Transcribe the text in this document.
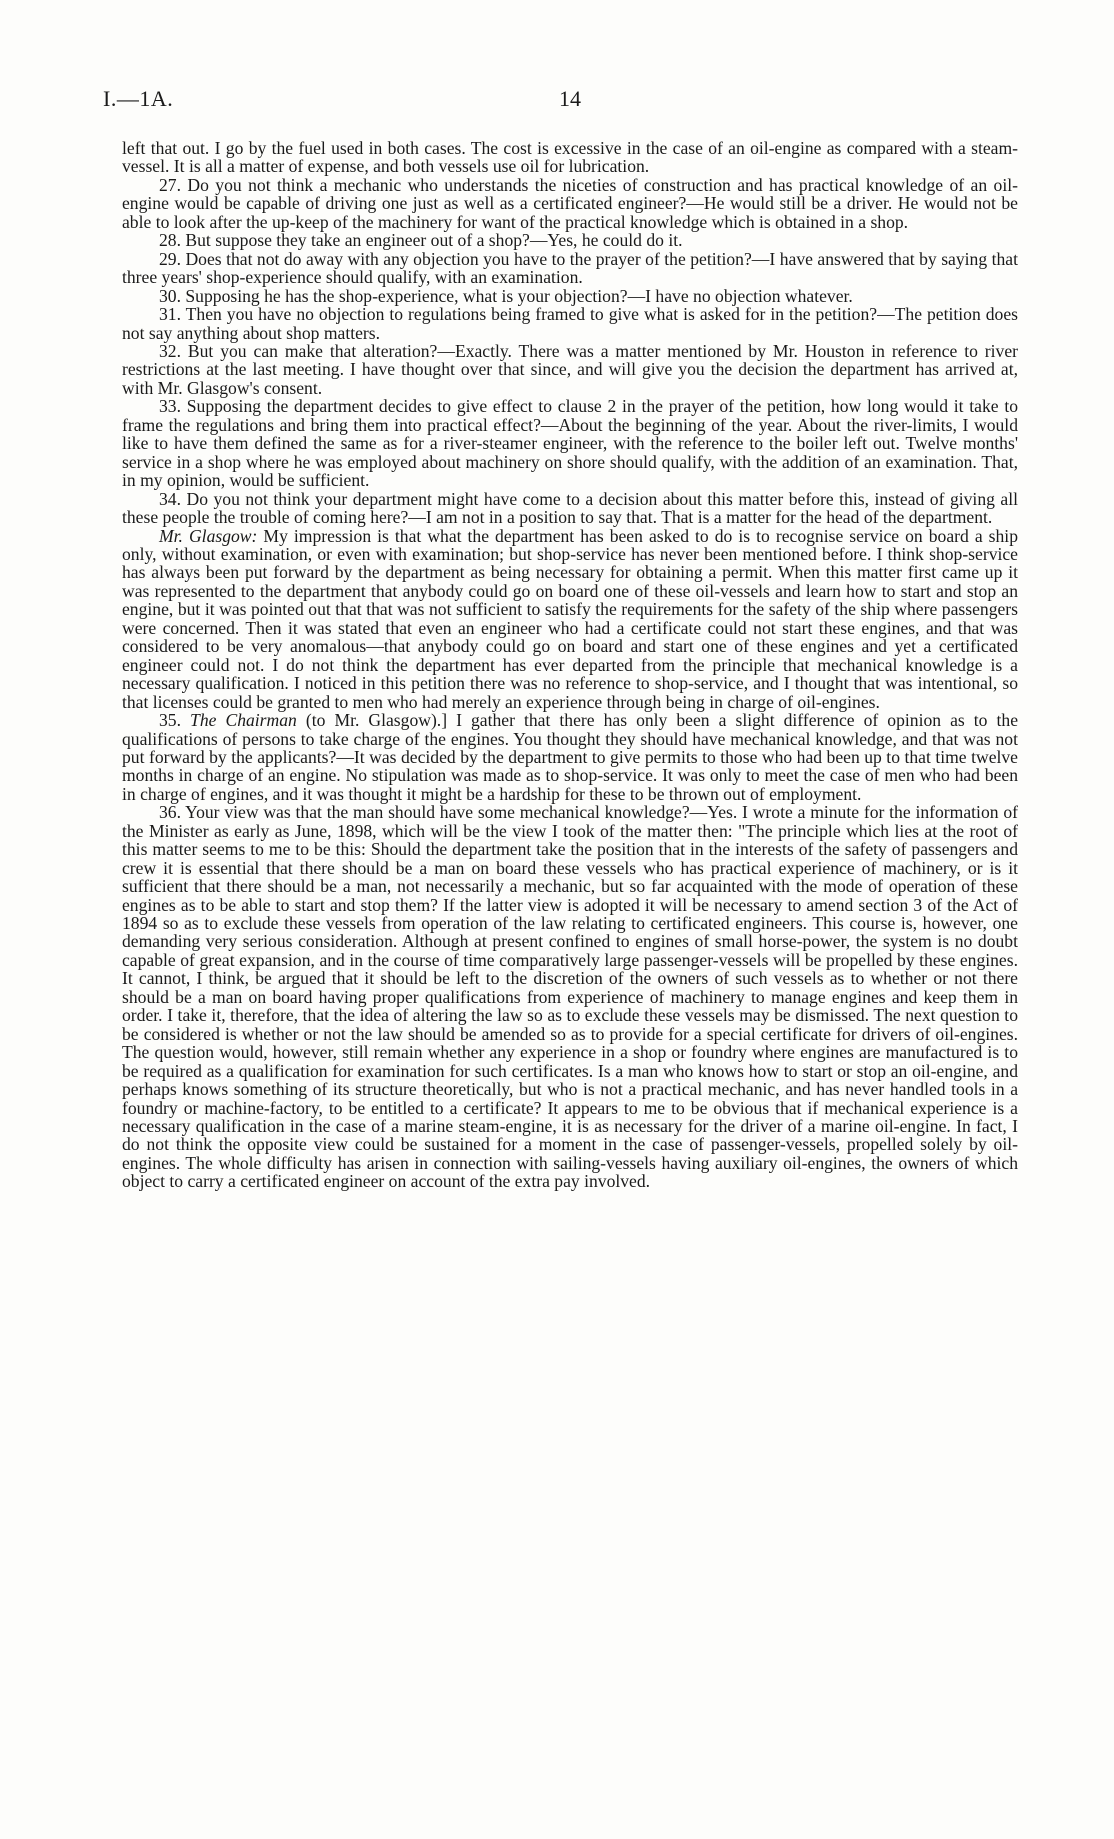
I.—1A.	14

left that out. I go by the fuel used in both cases. The cost is excessive in the case of an oil-engine as compared with a steam-vessel. It is all a matter of expense, and both vessels use oil for lubrication.

27. Do you not think a mechanic who understands the niceties of construction and has practical knowledge of an oil-engine would be capable of driving one just as well as a certificated engineer?—He would still be a driver. He would not be able to look after the up-keep of the machinery for want of the practical knowledge which is obtained in a shop.

28. But suppose they take an engineer out of a shop?—Yes, he could do it.

29. Does that not do away with any objection you have to the prayer of the petition?—I have answered that by saying that three years' shop-experience should qualify, with an examination.

30. Supposing he has the shop-experience, what is your objection?—I have no objection whatever.

31. Then you have no objection to regulations being framed to give what is asked for in the petition?—The petition does not say anything about shop matters.

32. But you can make that alteration?—Exactly. There was a matter mentioned by Mr. Houston in reference to river restrictions at the last meeting. I have thought over that since, and will give you the decision the department has arrived at, with Mr. Glasgow's consent.

33. Supposing the department decides to give effect to clause 2 in the prayer of the petition, how long would it take to frame the regulations and bring them into practical effect?—About the beginning of the year. About the river-limits, I would like to have them defined the same as for a river-steamer engineer, with the reference to the boiler left out. Twelve months' service in a shop where he was employed about machinery on shore should qualify, with the addition of an examination. That, in my opinion, would be sufficient.

34. Do you not think your department might have come to a decision about this matter before this, instead of giving all these people the trouble of coming here?—I am not in a position to say that. That is a matter for the head of the department.

Mr. Glasgow: My impression is that what the department has been asked to do is to recognise service on board a ship only, without examination, or even with examination; but shop-service has never been mentioned before. I think shop-service has always been put forward by the department as being necessary for obtaining a permit. When this matter first came up it was represented to the department that anybody could go on board one of these oil-vessels and learn how to start and stop an engine, but it was pointed out that that was not sufficient to satisfy the requirements for the safety of the ship where passengers were concerned. Then it was stated that even an engineer who had a certificate could not start these engines, and that was considered to be very anomalous—that anybody could go on board and start one of these engines and yet a certificated engineer could not. I do not think the department has ever departed from the principle that mechanical knowledge is a necessary qualification. I noticed in this petition there was no reference to shop-service, and I thought that was intentional, so that licenses could be granted to men who had merely an experience through being in charge of oil-engines.

35. The Chairman (to Mr. Glasgow).] I gather that there has only been a slight difference of opinion as to the qualifications of persons to take charge of the engines. You thought they should have mechanical knowledge, and that was not put forward by the applicants?—It was decided by the department to give permits to those who had been up to that time twelve months in charge of an engine. No stipulation was made as to shop-service. It was only to meet the case of men who had been in charge of engines, and it was thought it might be a hardship for these to be thrown out of employment.

36. Your view was that the man should have some mechanical knowledge?—Yes. I wrote a minute for the information of the Minister as early as June, 1898, which will be the view I took of the matter then: "The principle which lies at the root of this matter seems to me to be this: Should the department take the position that in the interests of the safety of passengers and crew it is essential that there should be a man on board these vessels who has practical experience of machinery, or is it sufficient that there should be a man, not necessarily a mechanic, but so far acquainted with the mode of operation of these engines as to be able to start and stop them? If the latter view is adopted it will be necessary to amend section 3 of the Act of 1894 so as to exclude these vessels from operation of the law relating to certificated engineers. This course is, however, one demanding very serious consideration. Although at present confined to engines of small horse-power, the system is no doubt capable of great expansion, and in the course of time comparatively large passenger-vessels will be propelled by these engines. It cannot, I think, be argued that it should be left to the discretion of the owners of such vessels as to whether or not there should be a man on board having proper qualifications from experience of machinery to manage engines and keep them in order. I take it, therefore, that the idea of altering the law so as to exclude these vessels may be dismissed. The next question to be considered is whether or not the law should be amended so as to provide for a special certificate for drivers of oil-engines. The question would, however, still remain whether any experience in a shop or foundry where engines are manufactured is to be required as a qualification for examination for such certificates. Is a man who knows how to start or stop an oil-engine, and perhaps knows something of its structure theoretically, but who is not a practical mechanic, and has never handled tools in a foundry or machine-factory, to be entitled to a certificate? It appears to me to be obvious that if mechanical experience is a necessary qualification in the case of a marine steam-engine, it is as necessary for the driver of a marine oil-engine. In fact, I do not think the opposite view could be sustained for a moment in the case of passenger-vessels, propelled solely by oil-engines. The whole difficulty has arisen in connection with sailing-vessels having auxiliary oil-engines, the owners of which object to carry a certificated engineer on account of the extra pay involved.
